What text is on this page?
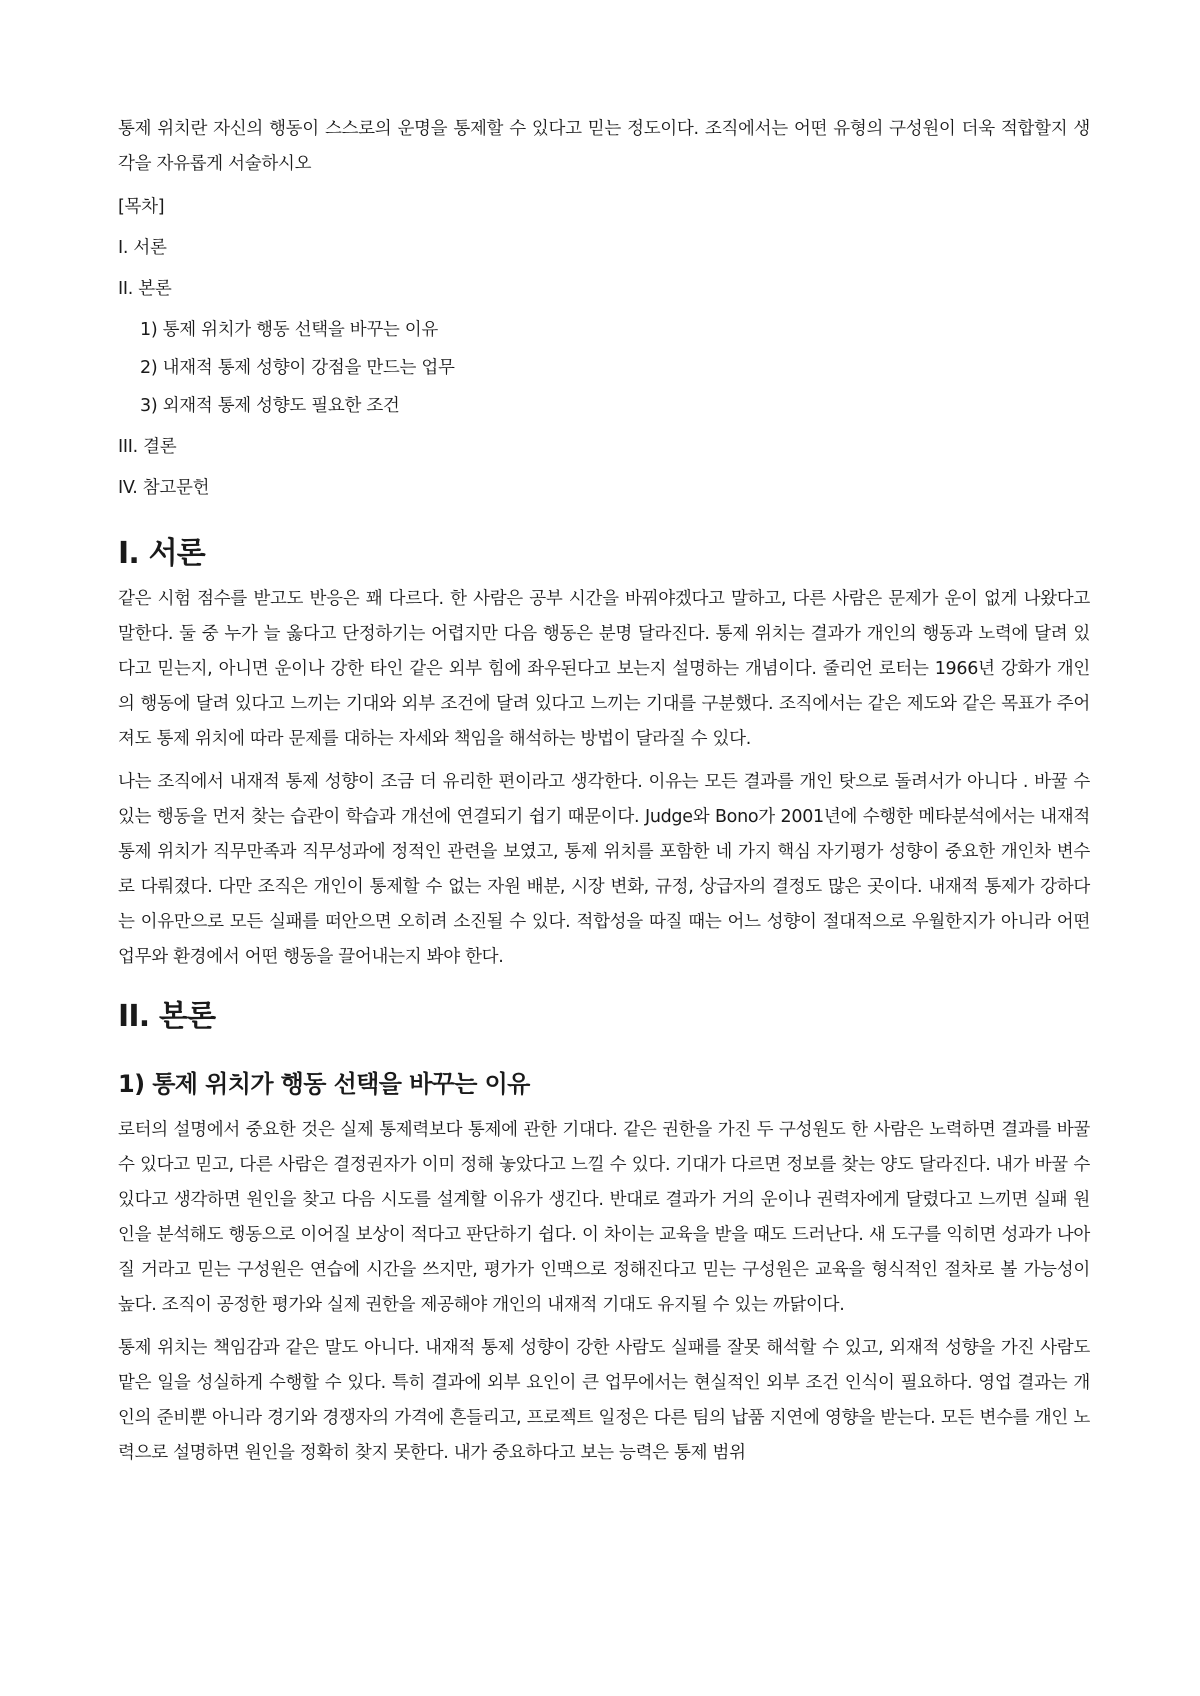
통제 위치란 자신의 행동이 스스로의 운명을 통제할 수 있다고 믿는 정도이다. 조직에서는 어떤 유형의 구성원이 더욱 적합할지 생각을 자유롭게 서술하시오

[목차]
I. 서론
II. 본론
1) 통제 위치가 행동 선택을 바꾸는 이유
2) 내재적 통제 성향이 강점을 만드는 업무
3) 외재적 통제 성향도 필요한 조건
III. 결론
IV. 참고문헌
I. 서론

같은 시험 점수를 받고도 반응은 꽤 다르다. 한 사람은 공부 시간을 바꿔야겠다고 말하고, 다른 사람은 문제가 운이 없게 나왔다고 말한다. 둘 중 누가 늘 옳다고 단정하기는 어렵지만 다음 행동은 분명 달라진다. 통제 위치는 결과가 개인의 행동과 노력에 달려 있다고 믿는지, 아니면 운이나 강한 타인 같은 외부 힘에 좌우된다고 보는지 설명하는 개념이다. 줄리언 로터는 1966년 강화가 개인의 행동에 달려 있다고 느끼는 기대와 외부 조건에 달려 있다고 느끼는 기대를 구분했다. 조직에서는 같은 제도와 같은 목표가 주어져도 통제 위치에 따라 문제를 대하는 자세와 책임을 해석하는 방법이 달라질 수 있다.

나는 조직에서 내재적 통제 성향이 조금 더 유리한 편이라고 생각한다. 이유는 모든 결과를 개인 탓으로 돌려서가 아니다 . 바꿀 수 있는 행동을 먼저 찾는 습관이 학습과 개선에 연결되기 쉽기 때문이다. Judge와 Bono가 2001년에 수행한 메타분석에서는 내재적 통제 위치가 직무만족과 직무성과에 정적인 관련을 보였고, 통제 위치를 포함한 네 가지 핵심 자기평가 성향이 중요한 개인차 변수로 다뤄졌다. 다만 조직은 개인이 통제할 수 없는 자원 배분, 시장 변화, 규정, 상급자의 결정도 많은 곳이다. 내재적 통제가 강하다는 이유만으로 모든 실패를 떠안으면 오히려 소진될 수 있다. 적합성을 따질 때는 어느 성향이 절대적으로 우월한지가 아니라 어떤 업무와 환경에서 어떤 행동을 끌어내는지 봐야 한다.

II. 본론
1) 통제 위치가 행동 선택을 바꾸는 이유

로터의 설명에서 중요한 것은 실제 통제력보다 통제에 관한 기대다. 같은 권한을 가진 두 구성원도 한 사람은 노력하면 결과를 바꿀 수 있다고 믿고, 다른 사람은 결정권자가 이미 정해 놓았다고 느낄 수 있다. 기대가 다르면 정보를 찾는 양도 달라진다. 내가 바꿀 수 있다고 생각하면 원인을 찾고 다음 시도를 설계할 이유가 생긴다. 반대로 결과가 거의 운이나 권력자에게 달렸다고 느끼면 실패 원인을 분석해도 행동으로 이어질 보상이 적다고 판단하기 쉽다. 이 차이는 교육을 받을 때도 드러난다. 새 도구를 익히면 성과가 나아질 거라고 믿는 구성원은 연습에 시간을 쓰지만, 평가가 인맥으로 정해진다고 믿는 구성원은 교육을 형식적인 절차로 볼 가능성이 높다. 조직이 공정한 평가와 실제 권한을 제공해야 개인의 내재적 기대도 유지될 수 있는 까닭이다.

통제 위치는 책임감과 같은 말도 아니다. 내재적 통제 성향이 강한 사람도 실패를 잘못 해석할 수 있고, 외재적 성향을 가진 사람도 맡은 일을 성실하게 수행할 수 있다. 특히 결과에 외부 요인이 큰 업무에서는 현실적인 외부 조건 인식이 필요하다. 영업 결과는 개인의 준비뿐 아니라 경기와 경쟁자의 가격에 흔들리고, 프로젝트 일정은 다른 팀의 납품 지연에 영향을 받는다. 모든 변수를 개인 노력으로 설명하면 원인을 정확히 찾지 못한다. 내가 중요하다고 보는 능력은 통제 범위
